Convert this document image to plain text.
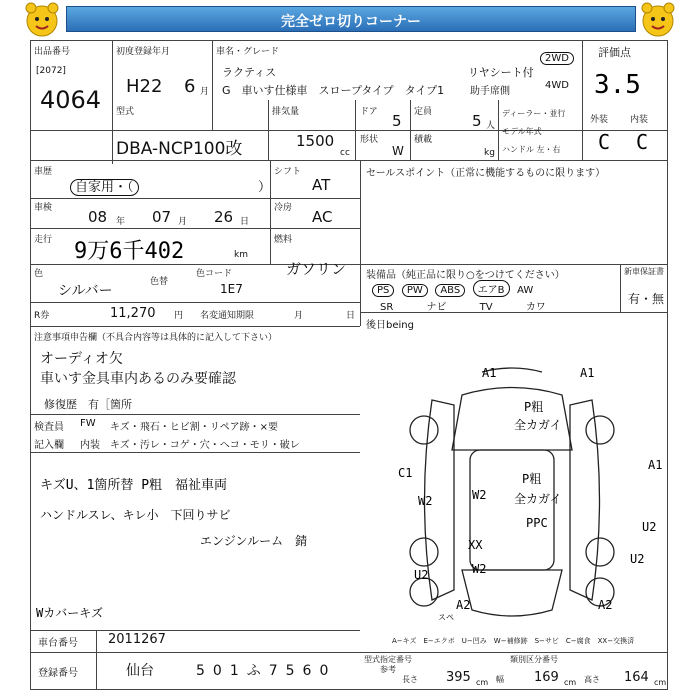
完全ゼロ切りコーナー
出品番号
[2072]
4064
初度登録年月
H22 6 月
車名・グレード
ラクティス
G　車いす仕様車　スロープタイプ　タイプ1
リヤシート付
助手席側
2WD
4WD
評価点
3.5
外装 内装
C C
型式
DBA-NCP100改
排気量
1500
cc
ドア 5
形状
W
定員	5 人
積載
kg
ディーラー・並行
モデル年式
ハンドル 左・右
車歴
自家用・（	）
シフト
AT
車検 08 年 07 月 26 日
冷房 AC
走行 9万6千402	km
燃料
ガソリン
色
シルバー
色替
色コード
1E7
セールスポイント（正常に機能するものに限ります）
装備品（純正品に限り○をつけてください）
PS PW ABS エアB AW
SR	ナビ	TV	カワ
新車保証書
有・無
後日being
R券	11,270 円 名変通知期限	月	日
注意事項申告欄（不具合内容等は具体的に記入して下さい）
オーディオ欠
車いす金具車内あるのみ要確認
修復歴　有［箇所
検査員 FW キズ・飛石・ヒビ割・リペア跡・×要
記入欄 内装 キズ・汚レ・コゲ・穴・へコ・モリ・破レ
キズU、1箇所替 P粗　福祉車両
ハンドルスレ、キレ小　下回りサビ
エンジンルーム　錆
Wカバーキズ
A1	A1
P粗
全カガイ
C1
A1
W2	W2
P粗
全カガイ
PPC	U2
U2
U2	W2
A2	A2
スペ
XX
A−キズ　E−エクボ　U−凹み　W−補修跡　S−サビ　C−腐食　XX−交換済
車台番号 2011267
登録番号	仙台	501ふ7560
型式指定番号
参考
類別区分番号
長さ 395 cm 幅 169 cm 高さ 164 cm
